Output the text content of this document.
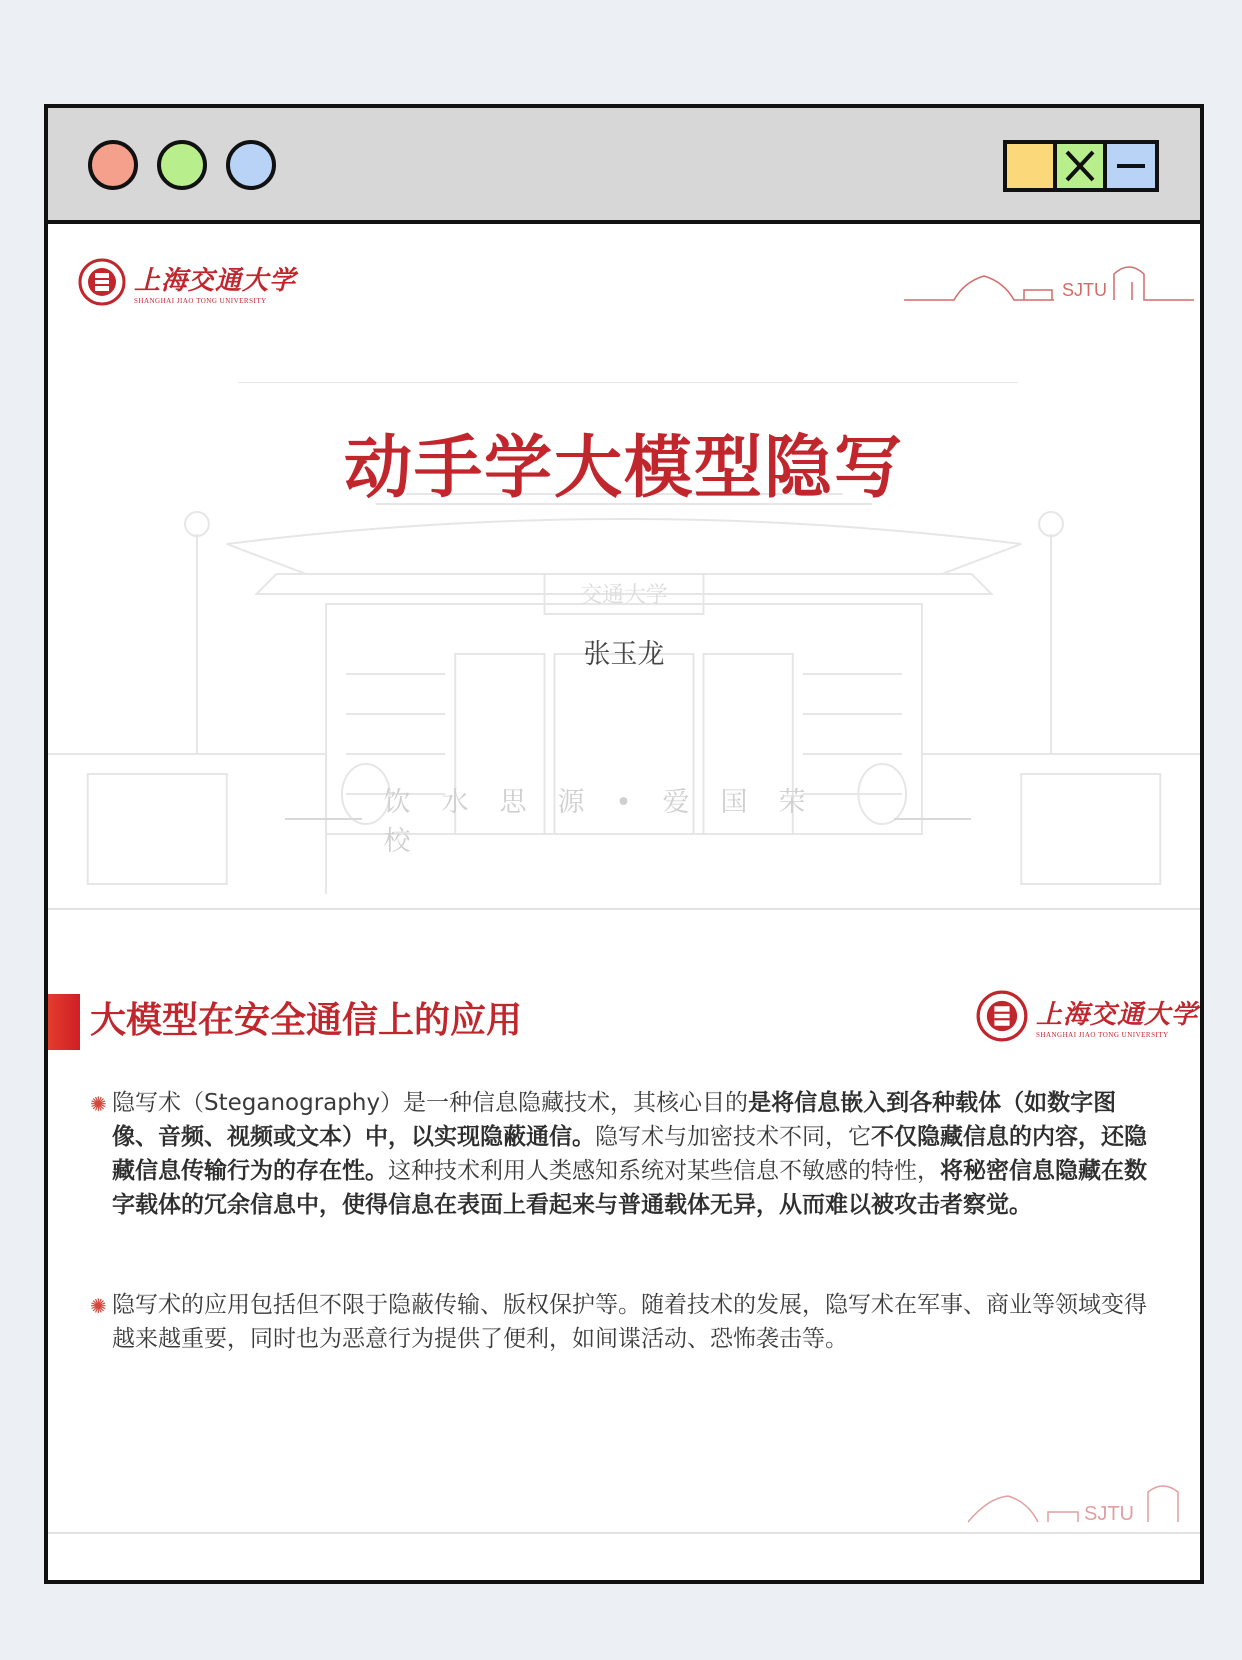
交通大学
上海交通大学
SHANGHAI JIAO TONG UNIVERSITY
SJTU
动手学大模型隐写
张玉龙
饮水思源•爱国荣校
大模型在安全通信上的应用	上海交通大学
SHANGHAI JIAO TONG UNIVERSITY
✺ 隐写术（Steganography）是一种信息隐藏技术，其核心目的是将信息嵌入到各种载体（如数字图像、音频、视频或文本）中，以实现隐蔽通信。隐写术与加密技术不同，它不仅隐藏信息的内容，还隐藏信息传输行为的存在性。这种技术利用人类感知系统对某些信息不敏感的特性，将秘密信息隐藏在数字载体的冗余信息中，使得信息在表面上看起来与普通载体无异，从而难以被攻击者察觉。
✺ 隐写术的应用包括但不限于隐蔽传输、版权保护等。随着技术的发展，隐写术在军事、商业等领域变得越来越重要，同时也为恶意行为提供了便利，如间谍活动、恐怖袭击等。
SJTU
